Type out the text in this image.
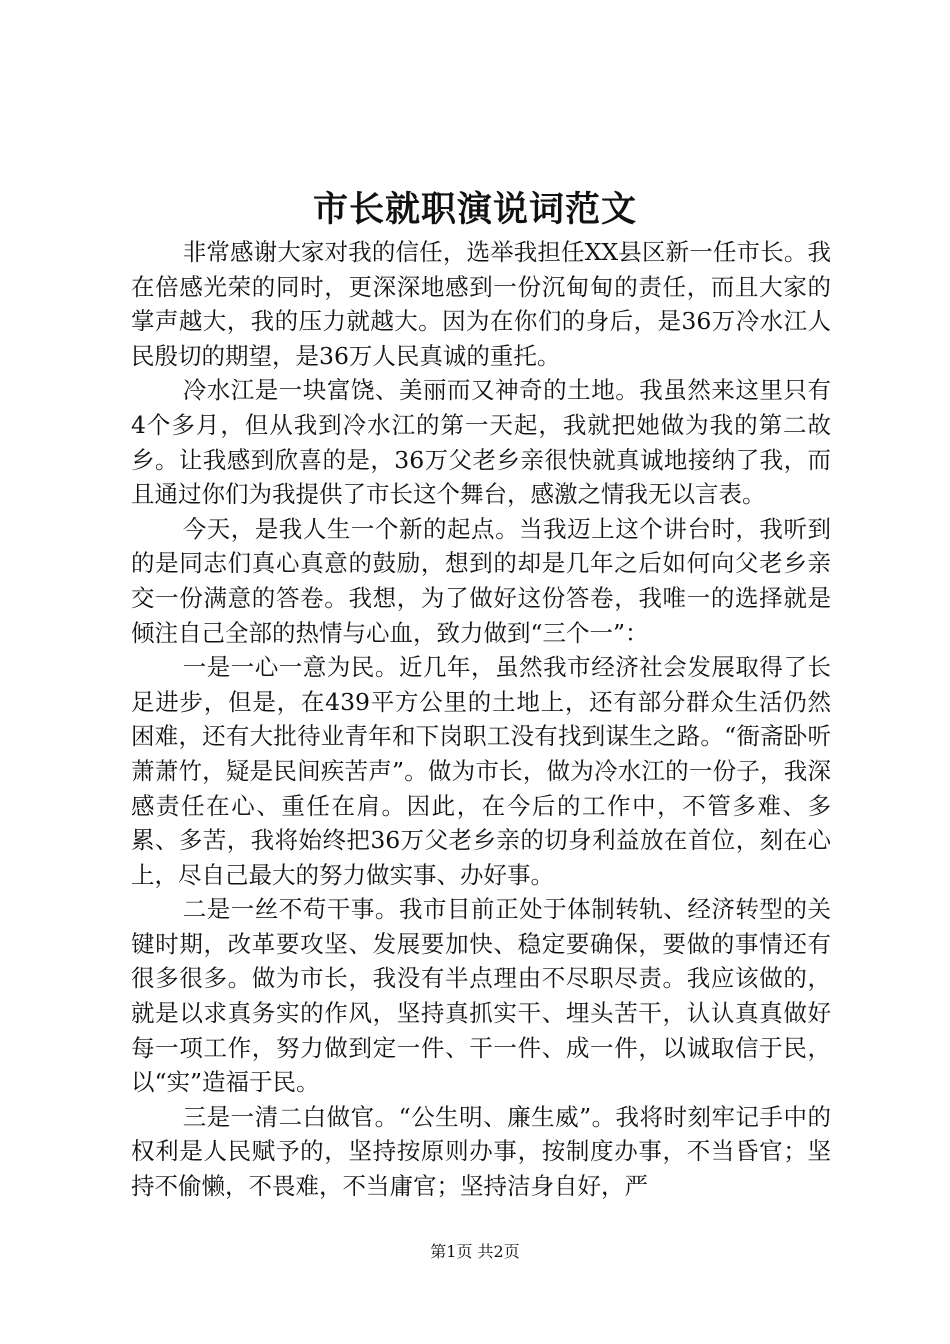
市长就职演说词范文

非常感谢大家对我的信任，选举我担任XX县区新一任市长。我在倍感光荣的同时，更深深地感到一份沉甸甸的责任，而且大家的掌声越大，我的压力就越大。因为在你们的身后，是36万冷水江人民殷切的期望，是36万人民真诚的重托。

冷水江是一块富饶、美丽而又神奇的土地。我虽然来这里只有4个多月，但从我到冷水江的第一天起，我就把她做为我的第二故乡。让我感到欣喜的是，36万父老乡亲很快就真诚地接纳了我，而且通过你们为我提供了市长这个舞台，感激之情我无以言表。

今天，是我人生一个新的起点。当我迈上这个讲台时，我听到的是同志们真心真意的鼓励，想到的却是几年之后如何向父老乡亲交一份满意的答卷。我想，为了做好这份答卷，我唯一的选择就是倾注自己全部的热情与心血，致力做到“三个一”：

一是一心一意为民。近几年，虽然我市经济社会发展取得了长足进步，但是，在439平方公里的土地上，还有部分群众生活仍然困难，还有大批待业青年和下岗职工没有找到谋生之路。“衙斋卧听萧萧竹，疑是民间疾苦声”。做为市长，做为冷水江的一份子，我深感责任在心、重任在肩。因此，在今后的工作中，不管多难、多累、多苦，我将始终把36万父老乡亲的切身利益放在首位，刻在心上，尽自己最大的努力做实事、办好事。

二是一丝不苟干事。我市目前正处于体制转轨、经济转型的关键时期，改革要攻坚、发展要加快、稳定要确保，要做的事情还有很多很多。做为市长，我没有半点理由不尽职尽责。我应该做的，就是以求真务实的作风，坚持真抓实干、埋头苦干，认认真真做好每一项工作，努力做到定一件、干一件、成一件，以诚取信于民，以“实”造福于民。

三是一清二白做官。“公生明、廉生威”。我将时刻牢记手中的权利是人民赋予的，坚持按原则办事，按制度办事，不当昏官；坚持不偷懒，不畏难，不当庸官；坚持洁身自好，严

第1页 共2页
